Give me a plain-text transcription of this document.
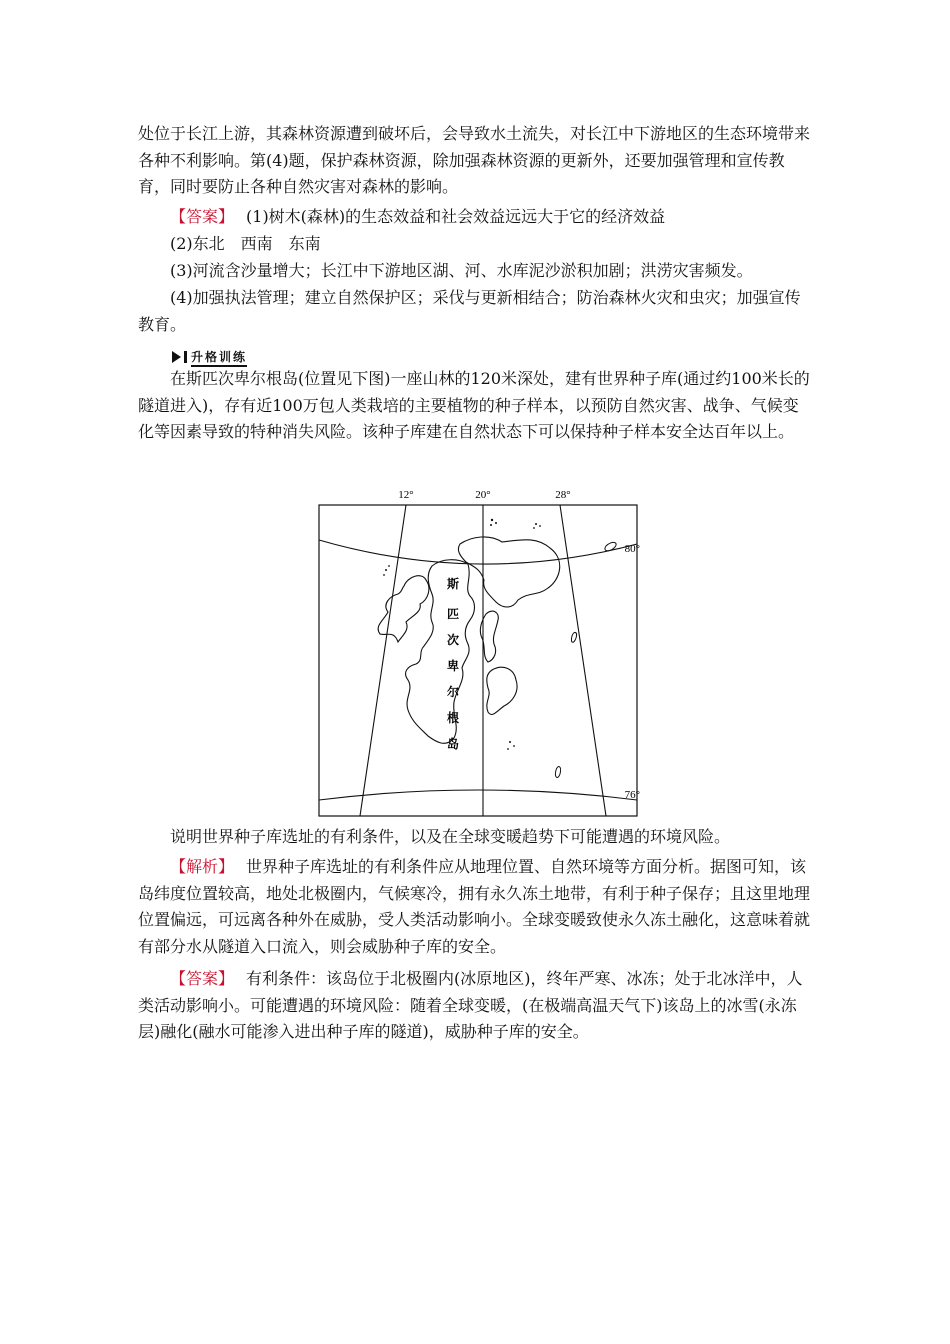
处位于长江上游，其森林资源遭到破坏后，会导致水土流失，对长江中下游地区的生态环境带来各种不利影响。第(4)题，保护森林资源，除加强森林资源的更新外，还要加强管理和宣传教育，同时要防止各种自然灾害对森林的影响。

【答案】 (1)树木(森林)的生态效益和社会效益远远大于它的经济效益

(2)东北　西南　东南

(3)河流含沙量增大；长江中下游地区湖、河、水库泥沙淤积加剧；洪涝灾害频发。

(4)加强执法管理；建立自然保护区；采伐与更新相结合；防治森林火灾和虫灾；加强宣传教育。

升格训练

在斯匹次卑尔根岛(位置见下图)一座山林的120米深处，建有世界种子库(通过约100米长的隧道进入)，存有近100万包人类栽培的主要植物的种子样本，以预防自然灾害、战争、气候变化等因素导致的特种消失风险。该种子库建在自然状态下可以保持种子样本安全达百年以上。

12°	20°	28°
80°
76°
斯
匹
次
卑
尔
根
岛

说明世界种子库选址的有利条件，以及在全球变暖趋势下可能遭遇的环境风险。

【解析】 世界种子库选址的有利条件应从地理位置、自然环境等方面分析。据图可知，该岛纬度位置较高，地处北极圈内，气候寒冷，拥有永久冻土地带，有利于种子保存；且这里地理位置偏远，可远离各种外在威胁，受人类活动影响小。全球变暖致使永久冻土融化，这意味着就有部分水从隧道入口流入，则会威胁种子库的安全。

【答案】 有利条件：该岛位于北极圈内(冰原地区)，终年严寒、冰冻；处于北冰洋中，人类活动影响小。可能遭遇的环境风险：随着全球变暖，(在极端高温天气下)该岛上的冰雪(永冻层)融化(融水可能渗入进出种子库的隧道)，威胁种子库的安全。
